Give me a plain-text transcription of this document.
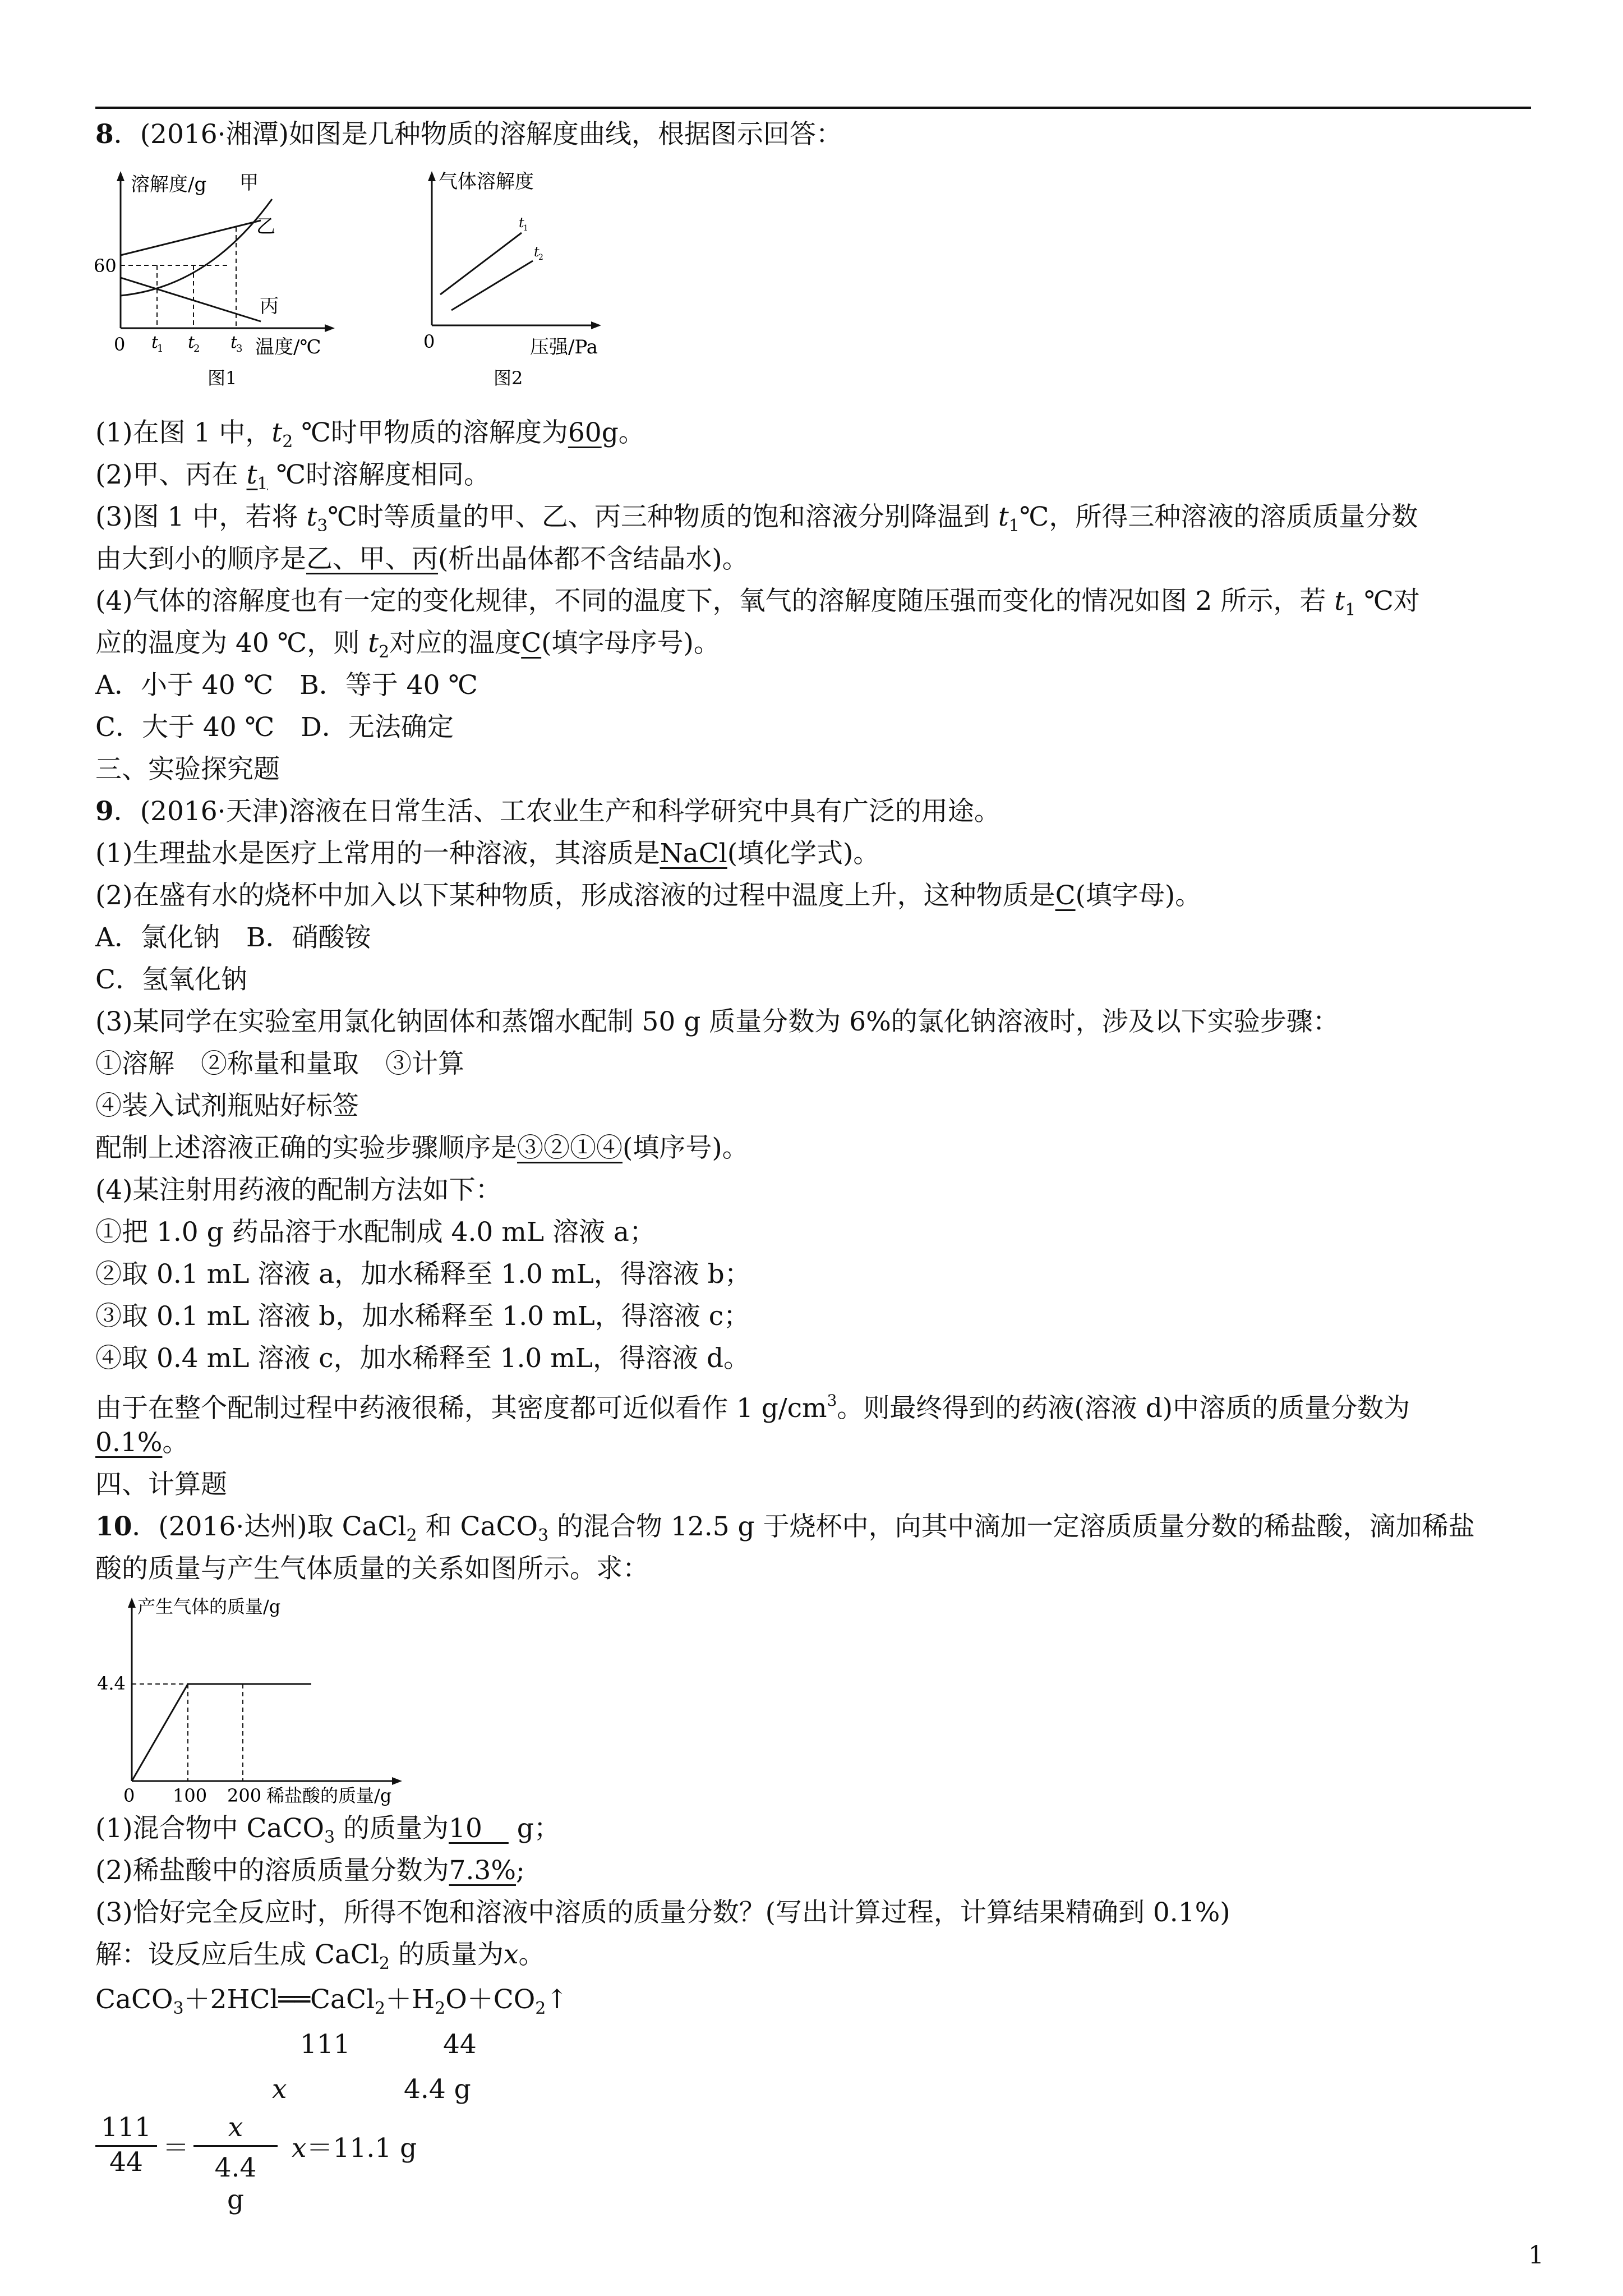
8．(2016·湘潭)如图是几种物质的溶解度曲线，根据图示回答：
溶解度/g 甲
乙
丙
60
0 t
1 t
2 t
3 温度/℃
图1
气体溶解度
t
1
t
2
0	压强/Pa
图2
(1)在图 1 中，$t_2$ ℃时甲物质的溶解度为60g。
(2)甲、丙在 $t_1$ ℃时溶解度相同。
(3)图 1 中，若将 $t_3℃$时等质量的甲、乙、丙三种物质的饱和溶液分别降温到 $t_1℃$，所得三种溶液的溶质质量分数
由大到小的顺序是乙、甲、丙(析出晶体都不含结晶水)。
(4)气体的溶解度也有一定的变化规律，不同的温度下，氧气的溶解度随压强而变化的情况如图 2 所示，若 $t_1$ ℃对
应的温度为 40 ℃，则 $t_2$对应的温度C(填字母序号)。
A．小于 40 ℃　B．等于 40 ℃
C．大于 40 ℃　D．无法确定
三、实验探究题
9．(2016·天津)溶液在日常生活、工农业生产和科学研究中具有广泛的用途。
(1)生理盐水是医疗上常用的一种溶液，其溶质是NaCl(填化学式)。
(2)在盛有水的烧杯中加入以下某种物质，形成溶液的过程中温度上升，这种物质是C(填字母)。
A．氯化钠　B．硝酸铵
C．氢氧化钠
(3)某同学在实验室用氯化钠固体和蒸馏水配制 50 g 质量分数为 6%的氯化钠溶液时，涉及以下实验步骤：
①溶解　②称量和量取　③计算
④装入试剂瓶贴好标签
配制上述溶液正确的实验步骤顺序是③②①④(填序号)。
(4)某注射用药液的配制方法如下：
①把 1.0 g 药品溶于水配制成 4.0 mL 溶液 a；
②取 0.1 mL 溶液 a，加水稀释至 1.0 mL，得溶液 b；
③取 0.1 mL 溶液 b，加水稀释至 1.0 mL，得溶液 c；
④取 0.4 mL 溶液 c，加水稀释至 1.0 mL，得溶液 d。
由于在整个配制过程中药液很稀，其密度都可近似看作 1 $g/cm^3$。则最终得到的药液(溶液 d)中溶质的质量分数为
0.1%。
四、计算题
10．(2016·达州)取 CaCl$_2$ 和 CaCO$_3$ 的混合物 12.5 g 于烧杯中，向其中滴加一定溶质质量分数的稀盐酸，滴加稀盐
酸的质量与产生气体质量的关系如图所示。求：
产生气体的质量/g
4.4
0 100 200 稀盐酸的质量/g
(1)混合物中 CaCO$_3$ 的质量为10　 g；
(2)稀盐酸中的溶质质量分数为7.3%;
(3)恰好完全反应时，所得不饱和溶液中溶质的质量分数？(写出计算过程，计算结果精确到 0.1%)
解：设反应后生成 CaCl$_2$ 的质量为x。
$CaCO_3+2HCl══CaCl_2+H_2O+CO_2↑$
111	44
x	4.4 g
$\frac{111}{44} = \frac{x}{4.4 g} x=11.1$ g
1
